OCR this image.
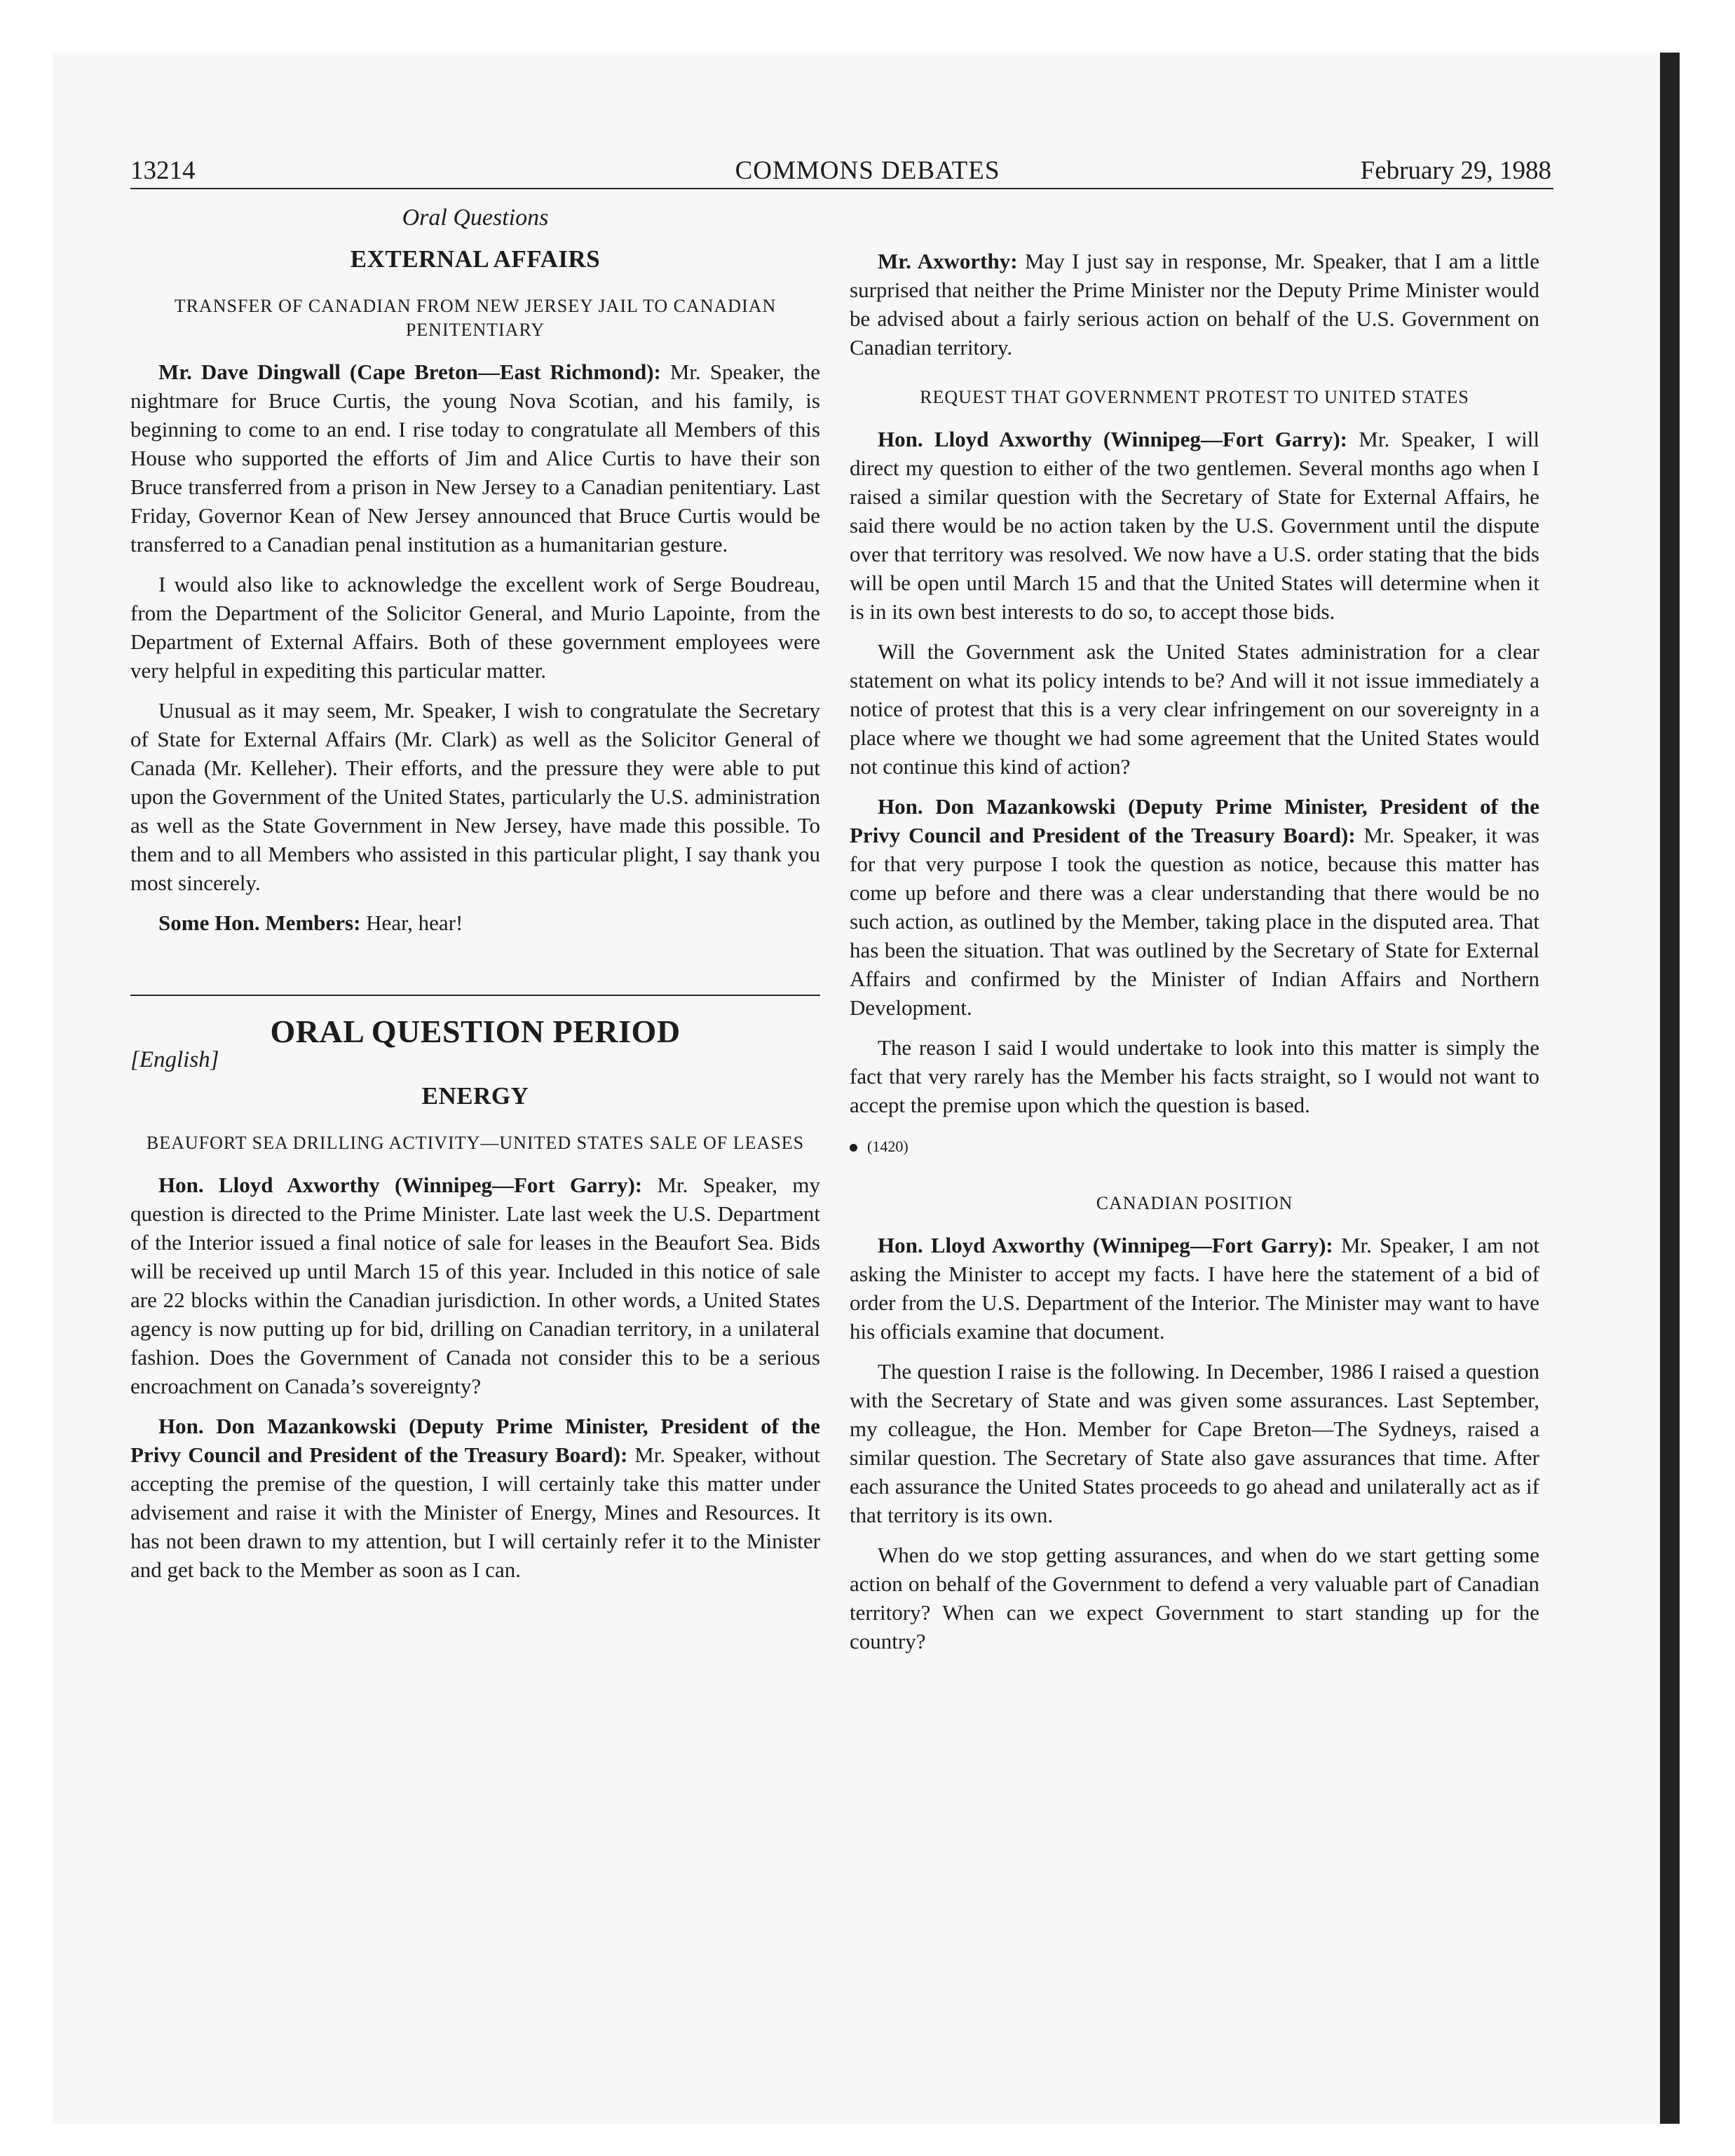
13214	COMMONS DEBATES	February 29, 1988
Oral Questions
EXTERNAL AFFAIRS
TRANSFER OF CANADIAN FROM NEW JERSEY JAIL TO CANADIAN PENITENTIARY

Mr. Dave Dingwall (Cape Breton—East Richmond): Mr. Speaker, the nightmare for Bruce Curtis, the young Nova Scotian, and his family, is beginning to come to an end. I rise today to congratulate all Members of this House who supported the efforts of Jim and Alice Curtis to have their son Bruce transferred from a prison in New Jersey to a Canadian penitentiary. Last Friday, Governor Kean of New Jersey announced that Bruce Curtis would be transferred to a Canadian penal institution as a humanitarian gesture.

I would also like to acknowledge the excellent work of Serge Boudreau, from the Department of the Solicitor General, and Murio Lapointe, from the Department of External Affairs. Both of these government employees were very helpful in expediting this particular matter.

Unusual as it may seem, Mr. Speaker, I wish to congratulate the Secretary of State for External Affairs (Mr. Clark) as well as the Solicitor General of Canada (Mr. Kelleher). Their efforts, and the pressure they were able to put upon the Government of the United States, particularly the U.S. administration as well as the State Government in New Jersey, have made this possible. To them and to all Members who assisted in this particular plight, I say thank you most sincerely.

Some Hon. Members: Hear, hear!

ORAL QUESTION PERIOD
[English]
ENERGY
BEAUFORT SEA DRILLING ACTIVITY—UNITED STATES SALE OF LEASES

Hon. Lloyd Axworthy (Winnipeg—Fort Garry): Mr. Speaker, my question is directed to the Prime Minister. Late last week the U.S. Department of the Interior issued a final notice of sale for leases in the Beaufort Sea. Bids will be received up until March 15 of this year. Included in this notice of sale are 22 blocks within the Canadian jurisdiction. In other words, a United States agency is now putting up for bid, drilling on Canadian territory, in a unilateral fashion. Does the Government of Canada not consider this to be a serious encroachment on Canada’s sovereignty?

Hon. Don Mazankowski (Deputy Prime Minister, President of the Privy Council and President of the Treasury Board): Mr. Speaker, without accepting the premise of the question, I will certainly take this matter under advisement and raise it with the Minister of Energy, Mines and Resources. It has not been drawn to my attention, but I will certainly refer it to the Minister and get back to the Member as soon as I can.

Mr. Axworthy: May I just say in response, Mr. Speaker, that I am a little surprised that neither the Prime Minister nor the Deputy Prime Minister would be advised about a fairly serious action on behalf of the U.S. Government on Canadian territory.

REQUEST THAT GOVERNMENT PROTEST TO UNITED STATES

Hon. Lloyd Axworthy (Winnipeg—Fort Garry): Mr. Speaker, I will direct my question to either of the two gentlemen. Several months ago when I raised a similar question with the Secretary of State for External Affairs, he said there would be no action taken by the U.S. Government until the dispute over that territory was resolved. We now have a U.S. order stating that the bids will be open until March 15 and that the United States will determine when it is in its own best interests to do so, to accept those bids.

Will the Government ask the United States administration for a clear statement on what its policy intends to be? And will it not issue immediately a notice of protest that this is a very clear infringement on our sovereignty in a place where we thought we had some agreement that the United States would not continue this kind of action?

Hon. Don Mazankowski (Deputy Prime Minister, President of the Privy Council and President of the Treasury Board): Mr. Speaker, it was for that very purpose I took the question as notice, because this matter has come up before and there was a clear understanding that there would be no such action, as outlined by the Member, taking place in the disputed area. That has been the situation. That was outlined by the Secretary of State for External Affairs and confirmed by the Minister of Indian Affairs and Northern Development.

The reason I said I would undertake to look into this matter is simply the fact that very rarely has the Member his facts straight, so I would not want to accept the premise upon which the question is based.

(1420)
CANADIAN POSITION

Hon. Lloyd Axworthy (Winnipeg—Fort Garry): Mr. Speaker, I am not asking the Minister to accept my facts. I have here the statement of a bid of order from the U.S. Department of the Interior. The Minister may want to have his officials examine that document.

The question I raise is the following. In December, 1986 I raised a question with the Secretary of State and was given some assurances. Last September, my colleague, the Hon. Member for Cape Breton—The Sydneys, raised a similar question. The Secretary of State also gave assurances that time. After each assurance the United States proceeds to go ahead and unilaterally act as if that territory is its own.

When do we stop getting assurances, and when do we start getting some action on behalf of the Government to defend a very valuable part of Canadian territory? When can we expect Government to start standing up for the country?
